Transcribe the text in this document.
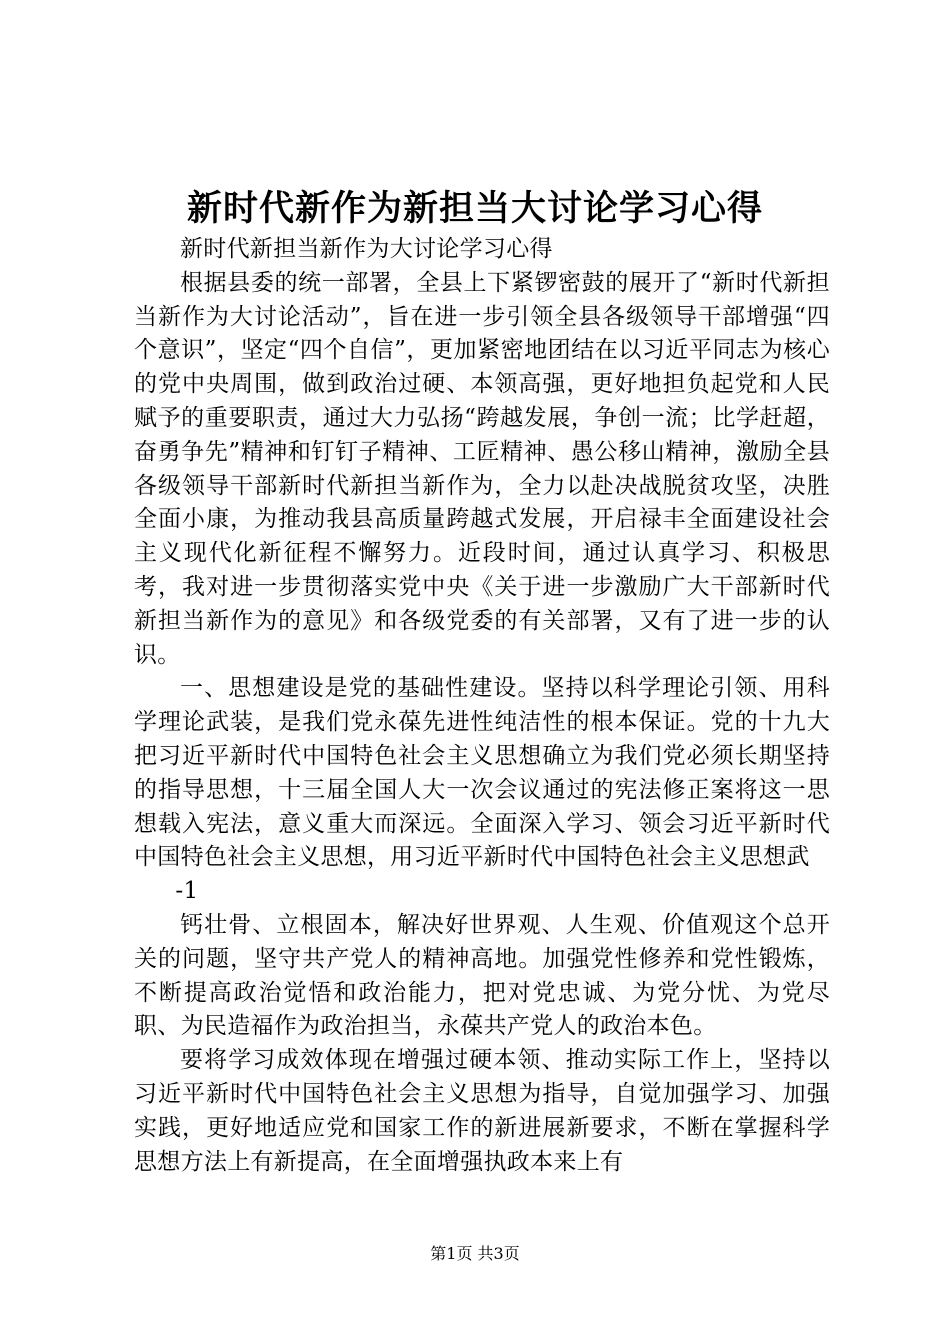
新时代新作为新担当大讨论学习心得

新时代新担当新作为大讨论学习心得

根据县委的统一部署，全县上下紧锣密鼓的展开了“新时代新担当新作为大讨论活动”，旨在进一步引领全县各级领导干部增强“四个意识”，坚定“四个自信”，更加紧密地团结在以习近平同志为核心的党中央周围，做到政治过硬、本领高强，更好地担负起党和人民赋予的重要职责，通过大力弘扬“跨越发展，争创一流；比学赶超，奋勇争先”精神和钉钉子精神、工匠精神、愚公移山精神，激励全县各级领导干部新时代新担当新作为，全力以赴决战脱贫攻坚，决胜全面小康，为推动我县高质量跨越式发展，开启禄丰全面建设社会主义现代化新征程不懈努力。近段时间，通过认真学习、积极思考，我对进一步贯彻落实党中央《关于进一步激励广大干部新时代新担当新作为的意见》和各级党委的有关部署，又有了进一步的认识。

一、思想建设是党的基础性建设。坚持以科学理论引领、用科学理论武装，是我们党永葆先进性纯洁性的根本保证。党的十九大把习近平新时代中国特色社会主义思想确立为我们党必须长期坚持的指导思想，十三届全国人大一次会议通过的宪法修正案将这一思想载入宪法，意义重大而深远。全面深入学习、领会习近平新时代中国特色社会主义思想，用习近平新时代中国特色社会主义思想武

-1

钙壮骨、立根固本，解决好世界观、人生观、价值观这个总开关的问题，坚守共产党人的精神高地。加强党性修养和党性锻炼，不断提高政治觉悟和政治能力，把对党忠诚、为党分忧、为党尽职、为民造福作为政治担当，永葆共产党人的政治本色。

要将学习成效体现在增强过硬本领、推动实际工作上，坚持以习近平新时代中国特色社会主义思想为指导，自觉加强学习、加强实践，更好地适应党和国家工作的新进展新要求，不断在掌握科学思想方法上有新提高，在全面增强执政本来上有

第1页 共3页
